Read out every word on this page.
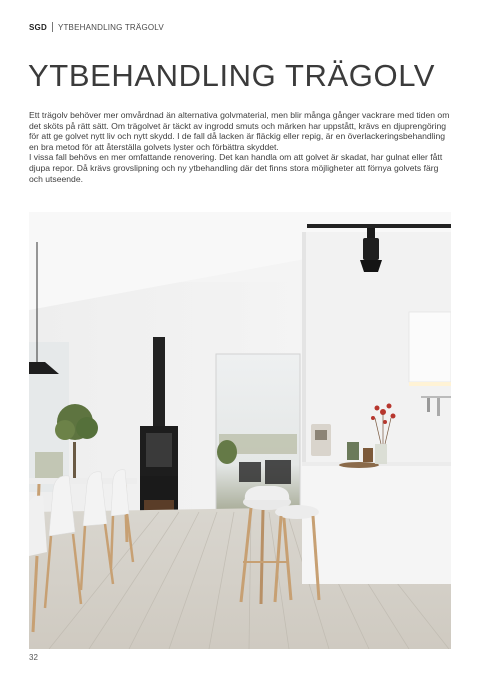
SGD YTBEHANDLING TRÄGOLV
YTBEHANDLING TRÄGOLV

Ett trägolv behöver mer omvårdnad än alternativa golvmaterial, men blir många gånger vackrare med tiden om det sköts på rätt sätt. Om trägolvet är täckt av ingrodd smuts och märken har uppstått, krävs en djuprengöring för att ge golvet nytt liv och nytt skydd. I de fall då lacken är fläckig eller repig, är en överlackeringsbehandling en bra metod för att återställa golvets lyster och förbättra skyddet.

I vissa fall behövs en mer omfattande renovering. Det kan handla om att golvet är skadat, har gulnat eller fått djupa repor. Då krävs grovslipning och ny ytbehandling där det finns stora möjligheter att förnya golvets färg och utseende.

32
